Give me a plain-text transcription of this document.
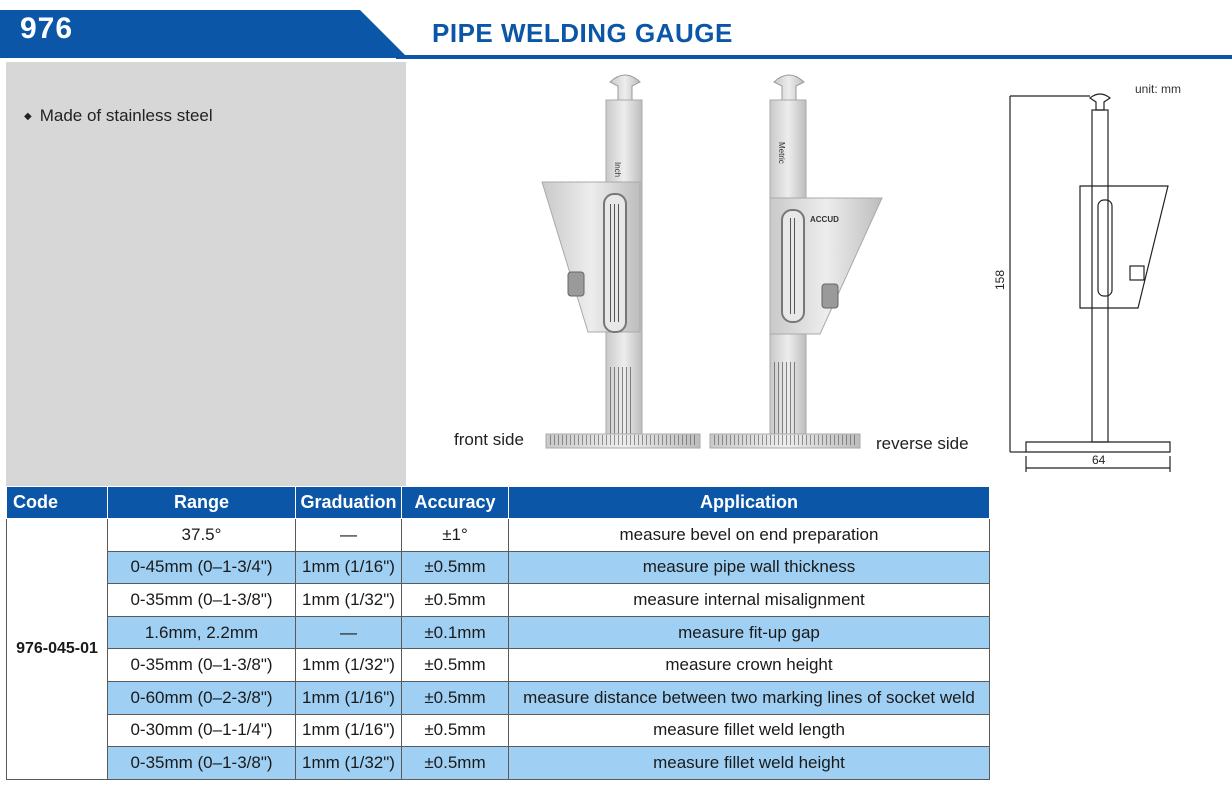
976	PIPE WELDING GAUGE
◆ Made of stainless steel
Inch
ACCUD
Metric
158
64
front side	reverse side
unit: mm
Code	Range	Graduation	Accuracy	Application
976-045-01	37.5°	—	±1°	measure bevel on end preparation
	0-45mm (0–1-3/4")	1mm (1/16")	±0.5mm	measure pipe wall thickness
	0-35mm (0–1-3/8")	1mm (1/32")	±0.5mm	measure internal misalignment
	1.6mm, 2.2mm	—	±0.1mm	measure fit-up gap
	0-35mm (0–1-3/8")	1mm (1/32")	±0.5mm	measure crown height
	0-60mm (0–2-3/8")	1mm (1/16")	±0.5mm	measure distance between two marking lines of socket weld
	0-30mm (0–1-1/4")	1mm (1/16")	±0.5mm	measure fillet weld length
	0-35mm (0–1-3/8")	1mm (1/32")	±0.5mm	measure fillet weld height
